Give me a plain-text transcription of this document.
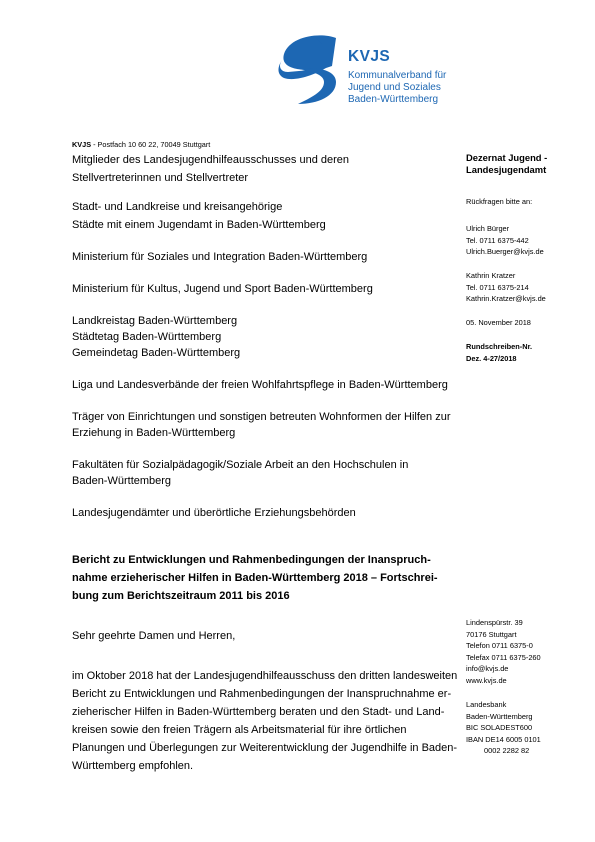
KVJS
Kommunalverband für
Jugend und Soziales
Baden-Württemberg
KVJS - Postfach 10 60 22, 70049 Stuttgart
Mitglieder des Landesjugendhilfeausschusses und deren
Stellvertreterinnen und Stellvertreter
Stadt- und Landkreise und kreisangehörige
Städte mit einem Jugendamt in Baden-Württemberg
Ministerium für Soziales und Integration Baden-Württemberg
Ministerium für Kultus, Jugend und Sport Baden-Württemberg
Landkreistag Baden-Württemberg
Städtetag Baden-Württemberg
Gemeindetag Baden-Württemberg
Liga und Landesverbände der freien Wohlfahrtspflege in Baden-Württemberg
Träger von Einrichtungen und sonstigen betreuten Wohnformen der Hilfen zur
Erziehung in Baden-Württemberg
Fakultäten für Sozialpädagogik/Soziale Arbeit an den Hochschulen in
Baden-Württemberg
Landesjugendämter und überörtliche Erziehungsbehörden
Dezernat Jugend -
Landesjugendamt
Rückfragen bitte an:
Ulrich Bürger
Tel. 0711 6375-442
Ulrich.Buerger@kvjs.de
Kathrin Kratzer
Tel. 0711 6375-214
Kathrin.Kratzer@kvjs.de
05. November 2018
Rundschreiben-Nr.
Dez. 4-27/2018
Lindenspürstr. 39
70176 Stuttgart
Telefon 0711 6375-0
Telefax 0711 6375-260
info@kvjs.de
www.kvjs.de
Landesbank
Baden-Württemberg
BIC SOLADEST600
IBAN DE14 6005 0101
0002 2282 82
Bericht zu Entwicklungen und Rahmenbedingungen der Inanspruch-
nahme erzieherischer Hilfen in Baden-Württemberg 2018 – Fortschrei-
bung zum Berichtszeitraum 2011 bis 2016
Sehr geehrte Damen und Herren,
im Oktober 2018 hat der Landesjugendhilfeausschuss den dritten landesweiten
Bericht zu Entwicklungen und Rahmenbedingungen der Inanspruchnahme er-
zieherischer Hilfen in Baden-Württemberg beraten und den Stadt- und Land-
kreisen sowie den freien Trägern als Arbeitsmaterial für ihre örtlichen
Planungen und Überlegungen zur Weiterentwicklung der Jugendhilfe in Baden-
Württemberg empfohlen.
